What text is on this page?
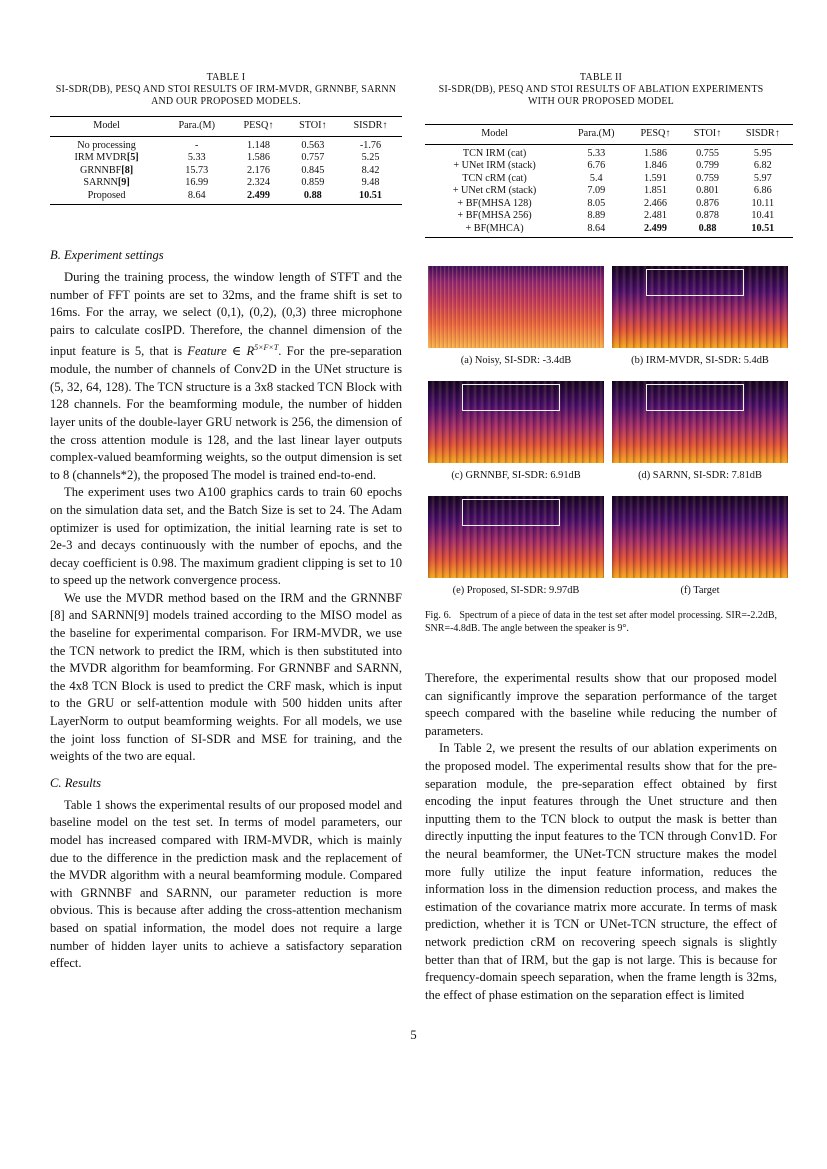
TABLE I
SI-SDR(DB), PESQ AND STOI RESULTS OF IRM-MVDR, GRNNBF, SARNN AND OUR PROPOSED MODELS.
Model	Para.(M)	PESQ↑	STOI↑	SISDR↑
No processing	-	1.148	0.563	-1.76
IRM MVDR[5]	5.33	1.586	0.757	5.25
GRNNBF[8]	15.73	2.176	0.845	8.42
SARNN[9]	16.99	2.324	0.859	9.48
Proposed	8.64	2.499	0.88	10.51
B. Experiment settings

During the training process, the window length of STFT and the number of FFT points are set to 32ms, and the frame shift is set to 16ms. For the array, we select (0,1), (0,2), (0,3) three microphone pairs to calculate cosIPD. Therefore, the channel dimension of the input feature is 5, that is Feature ∈ $R^{5\times F\times T}$. For the pre-separation module, the number of channels of Conv2D in the UNet structure is (5, 32, 64, 128). The TCN structure is a 3x8 stacked TCN Block with 128 channels. For the beamforming module, the number of hidden layer units of the double-layer GRU network is 256, the dimension of the cross attention module is 128, and the last linear layer outputs complex-valued beamforming weights, so the output dimension is set to 8 (channels*2), the proposed The model is trained end-to-end.

The experiment uses two A100 graphics cards to train 60 epochs on the simulation data set, and the Batch Size is set to 24. The Adam optimizer is used for optimization, the initial learning rate is set to 2e-3 and decays continuously with the number of epochs, and the decay coefficient is 0.98. The maximum gradient clipping is set to 10 to speed up the network convergence process.

We use the MVDR method based on the IRM and the GRNNBF [8] and SARNN[9] models trained according to the MISO model as the baseline for experimental comparison. For IRM-MVDR, we use the TCN network to predict the IRM, which is then substituted into the MVDR algorithm for beamforming. For GRNNBF and SARNN, the 4x8 TCN Block is used to predict the CRF mask, which is input to the GRU or self-attention module with 500 hidden units after LayerNorm to output beamforming weights. For all models, we use the joint loss function of SI-SDR and MSE for training, and the weights of the two are equal.

C. Results

Table 1 shows the experimental results of our proposed model and baseline model on the test set. In terms of model parameters, our model has increased compared with IRM-MVDR, which is mainly due to the difference in the prediction mask and the replacement of the MVDR algorithm with a neural beamforming module. Compared with GRNNBF and SARNN, our parameter reduction is more obvious. This is because after adding the cross-attention mechanism based on spatial information, the model does not require a large number of hidden layer units to achieve a satisfactory separation effect.

TABLE II
SI-SDR(DB), PESQ AND STOI RESULTS OF ABLATION EXPERIMENTS WITH OUR PROPOSED MODEL
Model	Para.(M)	PESQ↑	STOI↑	SISDR↑
TCN IRM (cat)	5.33	1.586	0.755	5.95
+ UNet IRM (stack)	6.76	1.846	0.799	6.82
TCN cRM (cat)	5.4	1.591	0.759	5.97
+ UNet cRM (stack)	7.09	1.851	0.801	6.86
+ BF(MHSA 128)	8.05	2.466	0.876	10.11
+ BF(MHSA 256)	8.89	2.481	0.878	10.41
+ BF(MHCA)	8.64	2.499	0.88	10.51

Therefore, the experimental results show that our proposed model can significantly improve the separation performance of the target speech compared with the baseline while reducing the number of parameters.

In Table 2, we present the results of our ablation experiments on the proposed model. The experimental results show that for the pre-separation module, the pre-separation effect obtained by first encoding the input features through the Unet structure and then inputting them to the TCN block to output the mask is better than directly inputting the input features to the TCN through Conv1D. For the neural beamformer, the UNet-TCN structure makes the model more fully utilize the input feature information, reduces the information loss in the dimension reduction process, and makes the estimation of the covariance matrix more accurate. In terms of mask prediction, whether it is TCN or UNet-TCN structure, the effect of network prediction cRM on recovering speech signals is slightly better than that of IRM, but the gap is not large. This is because for frequency-domain speech separation, when the frame length is 32ms, the effect of phase estimation on the separation effect is limited

(a) Noisy, SI-SDR: -3.4dB	(b) IRM-MVDR, SI-SDR: 5.4dB
(c) GRNNBF, SI-SDR: 6.91dB	(d) SARNN, SI-SDR: 7.81dB
(e) Proposed, SI-SDR: 9.97dB	(f) Target
Fig. 6. Spectrum of a piece of data in the test set after model processing. SIR=-2.2dB, SNR=-4.8dB. The angle between the speaker is 9°.
5
